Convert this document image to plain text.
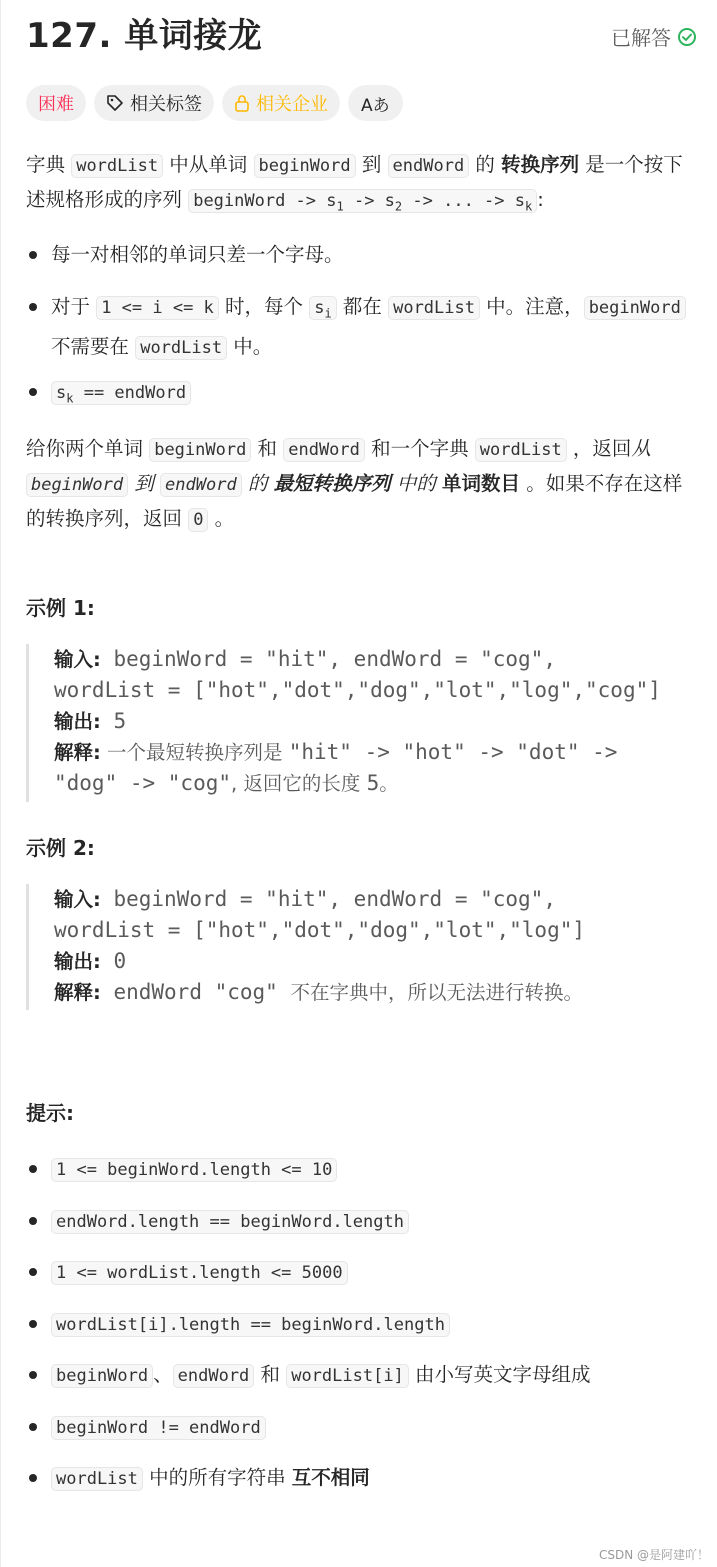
127. 单词接龙	已解答
困难	相关标签	相关企业 Aあ
字典 wordList 中从单词 beginWord 到 endWord 的 转换序列 是一个按下述规格形成的序列 beginWord -> $s_1 -> s_2$ -> ... -> $s_k$ :
每一对相邻的单词只差一个字母。
对于 1 <= i <= k 时，每个 $s_i$ 都在 wordList 中。注意， beginWord 不需要在 wordList 中。
$s_k$ == endWord
给你两个单词 beginWord 和 endWord 和一个字典 wordList ，返回从 beginWord 到 endWord 的 最短转换序列 中的 单词数目 。如果不存在这样的转换序列，返回 0 。
示例 1:
输入: beginWord = "hit", endWord = "cog",
wordList = ["hot","dot","dog","lot","log","cog"]
输出: 5
解释: 一个最短转换序列是 "hit" -> "hot" -> "dot" ->
"dog" -> "cog", 返回它的长度 5。
示例 2:
输入: beginWord = "hit", endWord = "cog",
wordList = ["hot","dot","dog","lot","log"]
输出: 0
解释: endWord "cog" 不在字典中，所以无法进行转换。
提示:
1 <= beginWord.length <= 10
endWord.length == beginWord.length
1 <= wordList.length <= 5000
wordList[i].length == beginWord.length
beginWord 、 endWord 和 wordList[i] 由小写英文字母组成
beginWord != endWord
wordList 中的所有字符串 互不相同
CSDN @是阿建吖！
